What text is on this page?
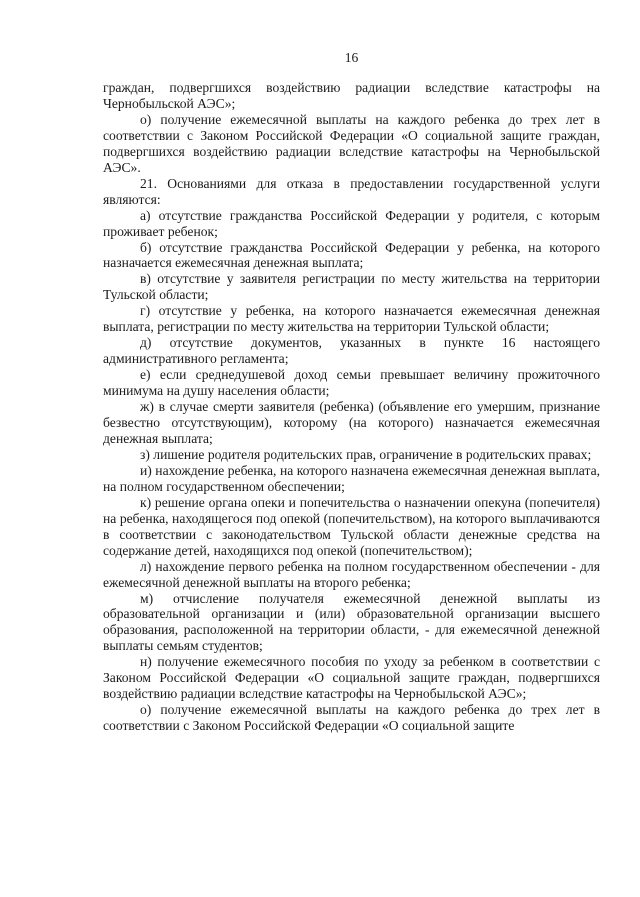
16

граждан, подвергшихся воздействию радиации вследствие катастрофы на Чернобыльской АЭС»;

о) получение ежемесячной выплаты на каждого ребенка до трех лет в соответствии с Законом Российской Федерации «О социальной защите граждан, подвергшихся воздействию радиации вследствие катастрофы на Чернобыльской АЭС».

21. Основаниями для отказа в предоставлении государственной услуги являются:

а) отсутствие гражданства Российской Федерации у родителя, с которым проживает ребенок;

б) отсутствие гражданства Российской Федерации у ребенка, на которого назначается ежемесячная денежная выплата;

в) отсутствие у заявителя регистрации по месту жительства на территории Тульской области;

г) отсутствие у ребенка, на которого назначается ежемесячная денежная выплата, регистрации по месту жительства на территории Тульской области;

д) отсутствие документов, указанных в пункте 16 настоящего административного регламента;

е) если среднедушевой доход семьи превышает величину прожиточного минимума на душу населения области;

ж) в случае смерти заявителя (ребенка) (объявление его умершим, признание безвестно отсутствующим), которому (на которого) назначается ежемесячная денежная выплата;

з) лишение родителя родительских прав, ограничение в родительских правах;

и) нахождение ребенка, на которого назначена ежемесячная денежная выплата, на полном государственном обеспечении;

к) решение органа опеки и попечительства о назначении опекуна (попечителя) на ребенка, находящегося под опекой (попечительством), на которого выплачиваются в соответствии с законодательством Тульской области денежные средства на содержание детей, находящихся под опекой (попечительством);

л) нахождение первого ребенка на полном государственном обеспечении - для ежемесячной денежной выплаты на второго ребенка;

м) отчисление получателя ежемесячной денежной выплаты из образовательной организации и (или) образовательной организации высшего образования, расположенной на территории области, - для ежемесячной денежной выплаты семьям студентов;

н) получение ежемесячного пособия по уходу за ребенком в соответствии с Законом Российской Федерации «О социальной защите граждан, подвергшихся воздействию радиации вследствие катастрофы на Чернобыльской АЭС»;

о) получение ежемесячной выплаты на каждого ребенка до трех лет в соответствии с Законом Российской Федерации «О социальной защите
